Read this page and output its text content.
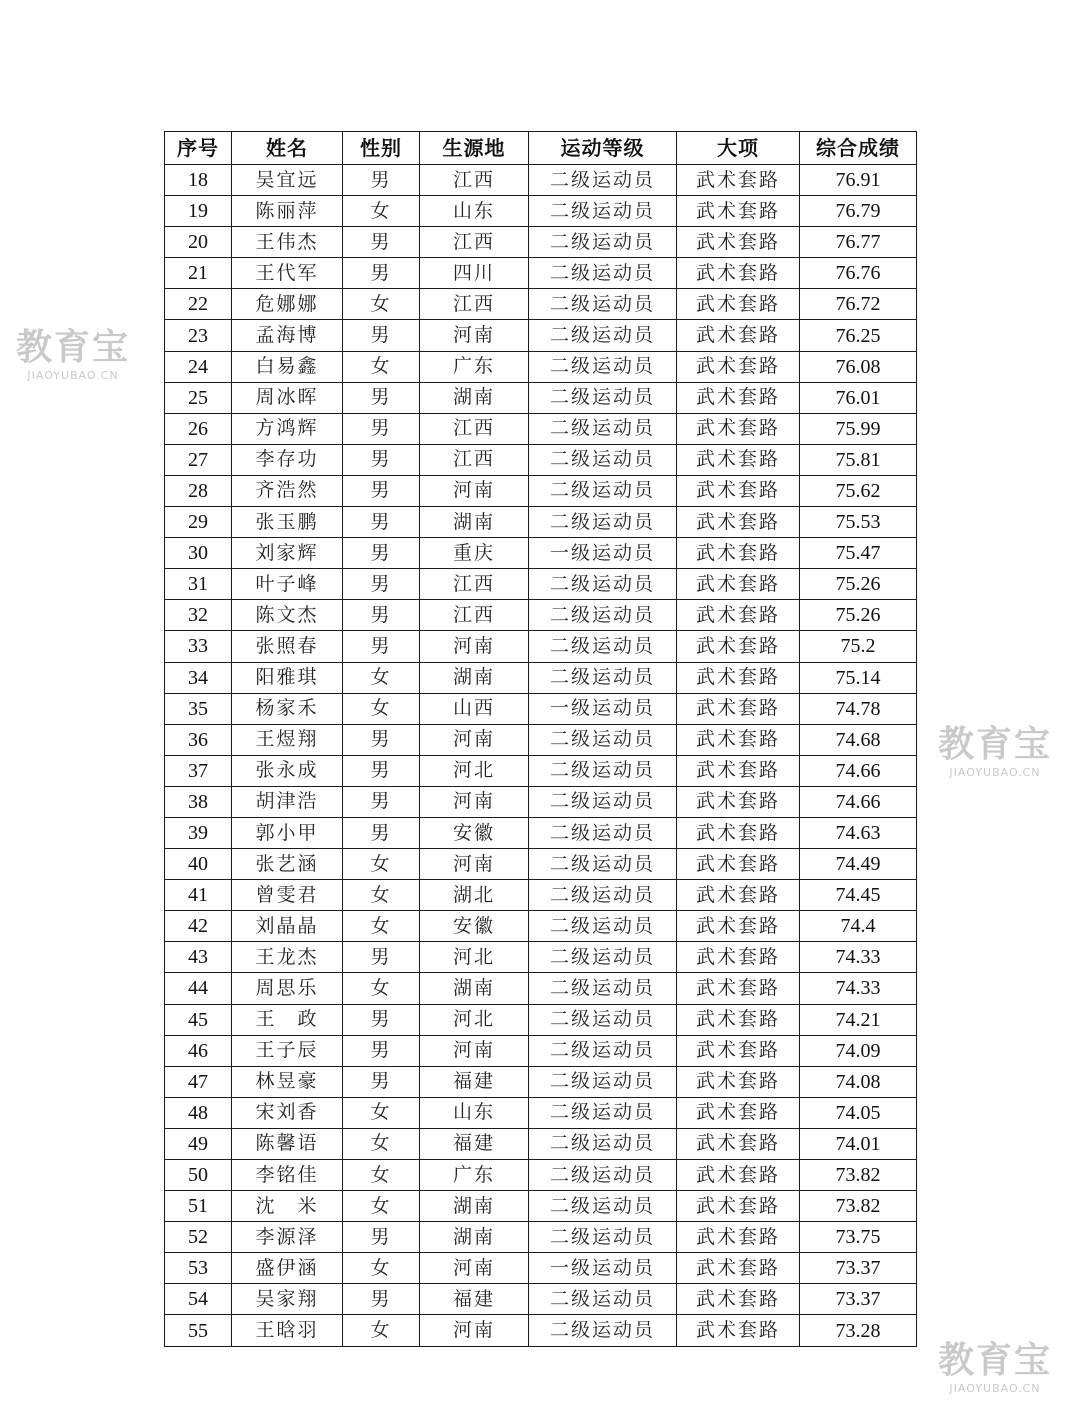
序号	姓名	性别	生源地	运动等级	大项	综合成绩
18	吴宜远	男	江西	二级运动员	武术套路	76.91
19	陈丽萍	女	山东	二级运动员	武术套路	76.79
20	王伟杰	男	江西	二级运动员	武术套路	76.77
21	王代军	男	四川	二级运动员	武术套路	76.76
22	危娜娜	女	江西	二级运动员	武术套路	76.72
23	孟海博	男	河南	二级运动员	武术套路	76.25
24	白易鑫	女	广东	二级运动员	武术套路	76.08
25	周冰晖	男	湖南	二级运动员	武术套路	76.01
26	方鸿辉	男	江西	二级运动员	武术套路	75.99
27	李存功	男	江西	二级运动员	武术套路	75.81
28	齐浩然	男	河南	二级运动员	武术套路	75.62
29	张玉鹏	男	湖南	二级运动员	武术套路	75.53
30	刘家辉	男	重庆	一级运动员	武术套路	75.47
31	叶子峰	男	江西	二级运动员	武术套路	75.26
32	陈文杰	男	江西	二级运动员	武术套路	75.26
33	张照春	男	河南	二级运动员	武术套路	75.2
34	阳雅琪	女	湖南	二级运动员	武术套路	75.14
35	杨家禾	女	山西	一级运动员	武术套路	74.78
36	王煜翔	男	河南	二级运动员	武术套路	74.68
37	张永成	男	河北	二级运动员	武术套路	74.66
38	胡津浩	男	河南	二级运动员	武术套路	74.66
39	郭小甲	男	安徽	二级运动员	武术套路	74.63
40	张艺涵	女	河南	二级运动员	武术套路	74.49
41	曾雯君	女	湖北	二级运动员	武术套路	74.45
42	刘晶晶	女	安徽	二级运动员	武术套路	74.4
43	王龙杰	男	河北	二级运动员	武术套路	74.33
44	周思乐	女	湖南	二级运动员	武术套路	74.33
45	王　政	男	河北	二级运动员	武术套路	74.21
46	王子辰	男	河南	二级运动员	武术套路	74.09
47	林昱豪	男	福建	二级运动员	武术套路	74.08
48	宋刘香	女	山东	二级运动员	武术套路	74.05
49	陈馨语	女	福建	二级运动员	武术套路	74.01
50	李铭佳	女	广东	二级运动员	武术套路	73.82
51	沈　米	女	湖南	二级运动员	武术套路	73.82
52	李源泽	男	湖南	二级运动员	武术套路	73.75
53	盛伊涵	女	河南	一级运动员	武术套路	73.37
54	吴家翔	男	福建	二级运动员	武术套路	73.37
55	王晗羽	女	河南	二级运动员	武术套路	73.28
教育宝
JIAOYUBAO.CN
教育宝
JIAOYUBAO.CN
教育宝
JIAOYUBAO.CN
